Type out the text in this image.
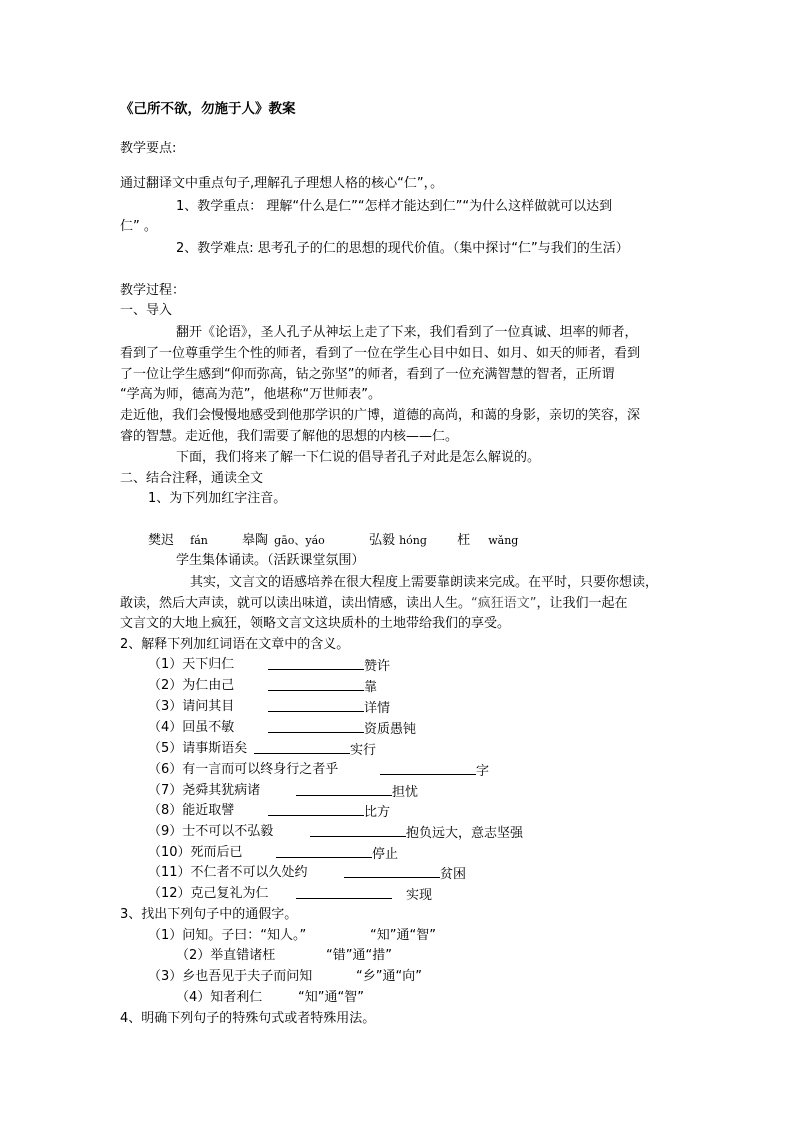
《己所不欲，勿施于人》教案
教学要点:
通过翻译文中重点句子,理解孔子理想人格的核心“仁”，。
1、教学重点： 理解“什么是仁”“怎样才能达到仁”“为什么这样做就可以达到
仁” 。
2、教学难点: 思考孔子的仁的思想的现代价值。（集中探讨“仁”与我们的生活）
教学过程：
一、导入
翻开《论语》，圣人孔子从神坛上走了下来，我们看到了一位真诚、坦率的师者，
看到了一位尊重学生个性的师者，看到了一位在学生心目中如日、如月、如天的师者，看到
了一位让学生感到“仰而弥高，钻之弥坚”的师者，看到了一位充满智慧的智者，正所谓
“学高为师，德高为范”，他堪称“万世师表”。
走近他，我们会慢慢地感受到他那学识的广博，道德的高尚，和蔼的身影，亲切的笑容，深
睿的智慧。走近他，我们需要了解他的思想的内核——仁。
下面，我们将来了解一下仁说的倡导者孔子对此是怎么解说的。
二、结合注释，通读全文
1、为下列加红字注音。
樊迟 fán	皋陶 gāo、yáo	弘毅 hóng 枉 wǎng
学生集体诵读。（活跃课堂氛围）
其实，文言文的语感培养在很大程度上需要靠朗读来完成。在平时，只要你想读，
敢读，然后大声读，就可以读出味道，读出情感，读出人生。“疯狂语文”，让我们一起在
文言文的大地上疯狂，领略文言文这块质朴的土地带给我们的享受。
2、解释下列加红词语在文章中的含义。
（1）天下归仁	赞许
（2）为仁由己	靠
（3）请问其目	详情
（4）回虽不敏	资质愚钝
（5）请事斯语矣	实行
（6）有一言而可以终身行之者乎	字
（7）尧舜其犹病诸	担忧
（8）能近取譬	比方
（9）士不可以不弘毅	抱负远大，意志坚强
（10）死而后已	停止
（11）不仁者不可以久处约	贫困
（12）克己复礼为仁	实现
3、找出下列句子中的通假字。
（1）问知。子曰：“知人。”	“知”通“智”
（2）举直错诸枉	“错”通“措”
（3）乡也吾见于夫子而问知	“乡”通“向”
（4）知者利仁	“知”通“智”
4、明确下列句子的特殊句式或者特殊用法。
